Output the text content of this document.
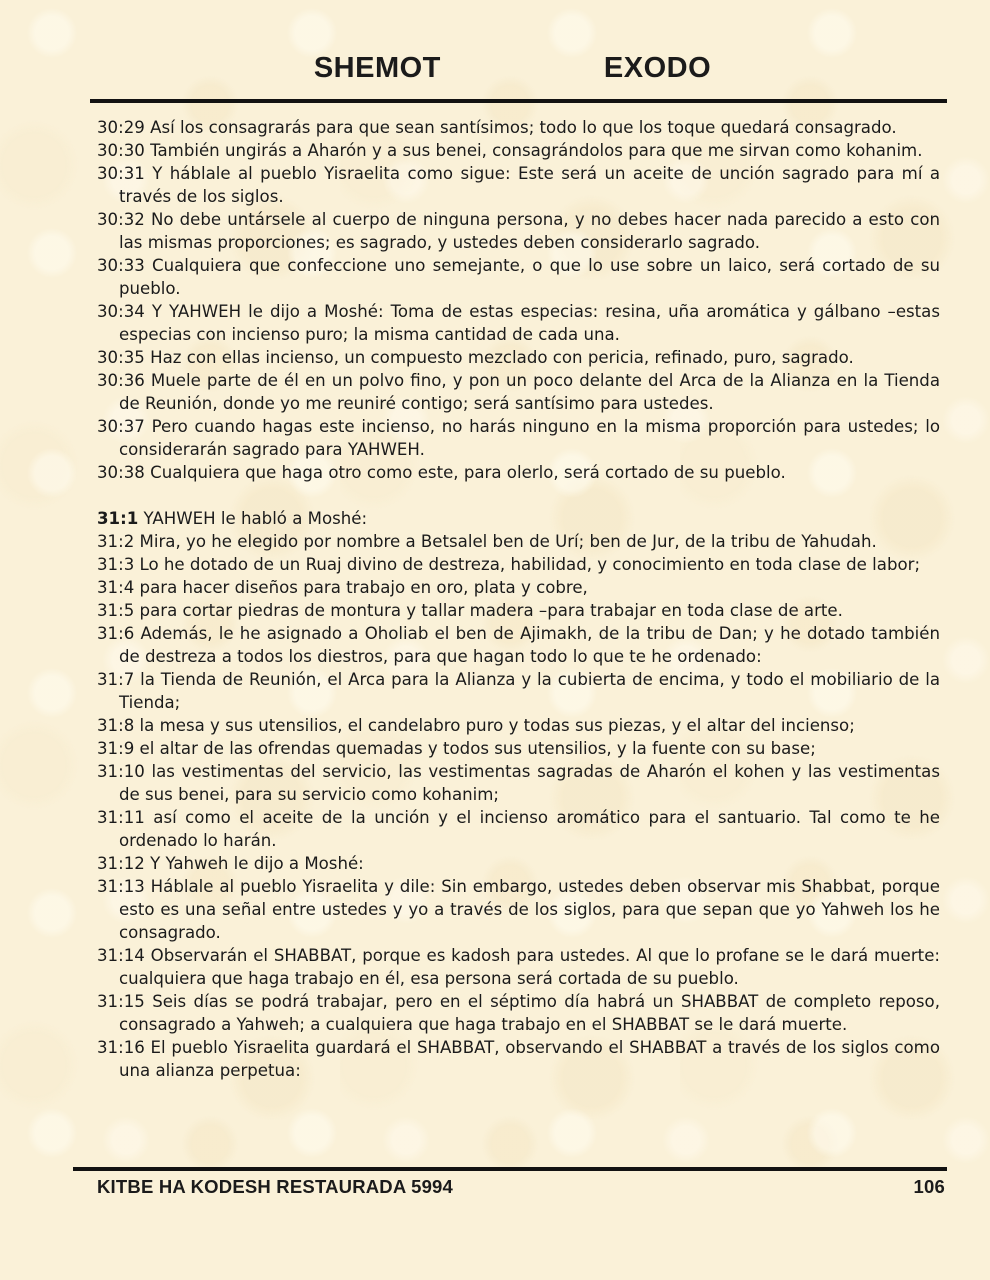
SHEMOT	EXODO

30:29 Así los consagrarás para que sean santísimos; todo lo que los toque quedará consagrado.

30:30 También ungirás a Aharón y a sus benei, consagrándolos para que me sirvan como kohanim.

30:31 Y háblale al pueblo Yisraelita como sigue: Este será un aceite de unción sagrado para mí a través de los siglos.

30:32 No debe untársele al cuerpo de ninguna persona, y no debes hacer nada parecido a esto con las mismas proporciones; es sagrado, y ustedes deben considerarlo sagrado.

30:33 Cualquiera que confeccione uno semejante, o que lo use sobre un laico, será cortado de su pueblo.

30:34 Y YAHWEH le dijo a Moshé: Toma de estas especias: resina, uña aromática y gálbano –estas especias con incienso puro; la misma cantidad de cada una.

30:35 Haz con ellas incienso, un compuesto mezclado con pericia, refinado, puro, sagrado.

30:36 Muele parte de él en un polvo fino, y pon un poco delante del Arca de la Alianza en la Tienda de Reunión, donde yo me reuniré contigo; será santísimo para ustedes.

30:37 Pero cuando hagas este incienso, no harás ninguno en la misma proporción para ustedes; lo considerarán sagrado para YAHWEH.

30:38 Cualquiera que haga otro como este, para olerlo, será cortado de su pueblo.

31:1 YAHWEH le habló a Moshé:

31:2 Mira, yo he elegido por nombre a Betsalel ben de Urí; ben de Jur, de la tribu de Yahudah.

31:3 Lo he dotado de un Ruaj divino de destreza, habilidad, y conocimiento en toda clase de labor;

31:4 para hacer diseños para trabajo en oro, plata y cobre,

31:5 para cortar piedras de montura y tallar madera –para trabajar en toda clase de arte.

31:6 Además, le he asignado a Oholiab el ben de Ajimakh, de la tribu de Dan; y he dotado también de destreza a todos los diestros, para que hagan todo lo que te he ordenado:

31:7 la Tienda de Reunión, el Arca para la Alianza y la cubierta de encima, y todo el mobiliario de la Tienda;

31:8 la mesa y sus utensilios, el candelabro puro y todas sus piezas, y el altar del incienso;

31:9 el altar de las ofrendas quemadas y todos sus utensilios, y la fuente con su base;

31:10 las vestimentas del servicio, las vestimentas sagradas de Aharón el kohen y las vestimentas de sus benei, para su servicio como kohanim;

31:11 así como el aceite de la unción y el incienso aromático para el santuario. Tal como te he ordenado lo harán.

31:12 Y Yahweh le dijo a Moshé:

31:13 Háblale al pueblo Yisraelita y dile: Sin embargo, ustedes deben observar mis Shabbat, porque esto es una señal entre ustedes y yo a través de los siglos, para que sepan que yo Yahweh los he consagrado.

31:14 Observarán el SHABBAT, porque es kadosh para ustedes. Al que lo profane se le dará muerte: cualquiera que haga trabajo en él, esa persona será cortada de su pueblo.

31:15 Seis días se podrá trabajar, pero en el séptimo día habrá un SHABBAT de completo reposo, consagrado a Yahweh; a cualquiera que haga trabajo en el SHABBAT se le dará muerte.

31:16 El pueblo Yisraelita guardará el SHABBAT, observando el SHABBAT a través de los siglos como una alianza perpetua:

KITBE HA KODESH RESTAURADA 5994	106
